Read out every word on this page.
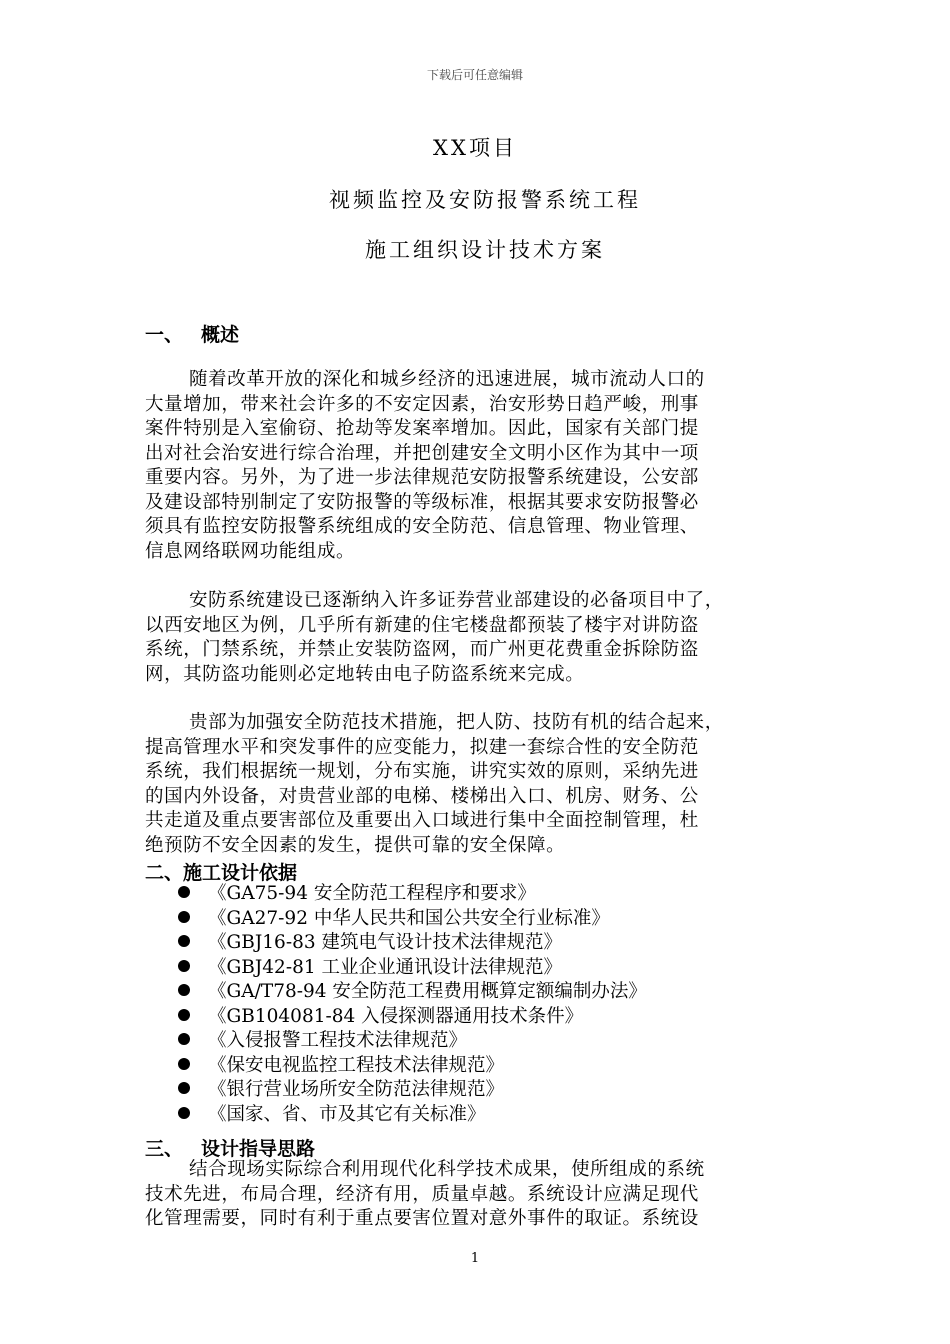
下载后可任意编辑
XX项目
视频监控及安防报警系统工程
施工组织设计技术方案
一、 概述
随着改革开放的深化和城乡经济的迅速进展，城市流动人口的
大量增加，带来社会许多的不安定因素，治安形势日趋严峻，刑事
案件特别是入室偷窃、抢劫等发案率增加。因此，国家有关部门提
出对社会治安进行综合治理，并把创建安全文明小区作为其中一项
重要内容。另外，为了进一步法律规范安防报警系统建设，公安部
及建设部特别制定了安防报警的等级标准，根据其要求安防报警必
须具有监控安防报警系统组成的安全防范、信息管理、物业管理、
信息网络联网功能组成。
安防系统建设已逐渐纳入许多证券营业部建设的必备项目中了，
以西安地区为例，几乎所有新建的住宅楼盘都预装了楼宇对讲防盗
系统，门禁系统，并禁止安装防盗网，而广州更花费重金拆除防盗
网，其防盗功能则必定地转由电子防盗系统来完成。
贵部为加强安全防范技术措施，把人防、技防有机的结合起来，
提高管理水平和突发事件的应变能力，拟建一套综合性的安全防范
系统，我们根据统一规划，分布实施，讲究实效的原则，采纳先进
的国内外设备，对贵营业部的电梯、楼梯出入口、机房、财务、公
共走道及重点要害部位及重要出入口域进行集中全面控制管理，杜
绝预防不安全因素的发生，提供可靠的安全保障。
二、施工设计依据
《GA75-94 安全防范工程程序和要求》
《GA27-92 中华人民共和国公共安全行业标准》
《GBJ16-83 建筑电气设计技术法律规范》
《GBJ42-81 工业企业通讯设计法律规范》
《GA/T78-94 安全防范工程费用概算定额编制办法》
《GB104081-84 入侵探测器通用技术条件》
《入侵报警工程技术法律规范》
《保安电视监控工程技术法律规范》
《银行营业场所安全防范法律规范》
《国家、省、市及其它有关标准》
三、 设计指导思路
结合现场实际综合利用现代化科学技术成果，使所组成的系统
技术先进，布局合理，经济有用，质量卓越。系统设计应满足现代
化管理需要，同时有利于重点要害位置对意外事件的取证。系统设
1
